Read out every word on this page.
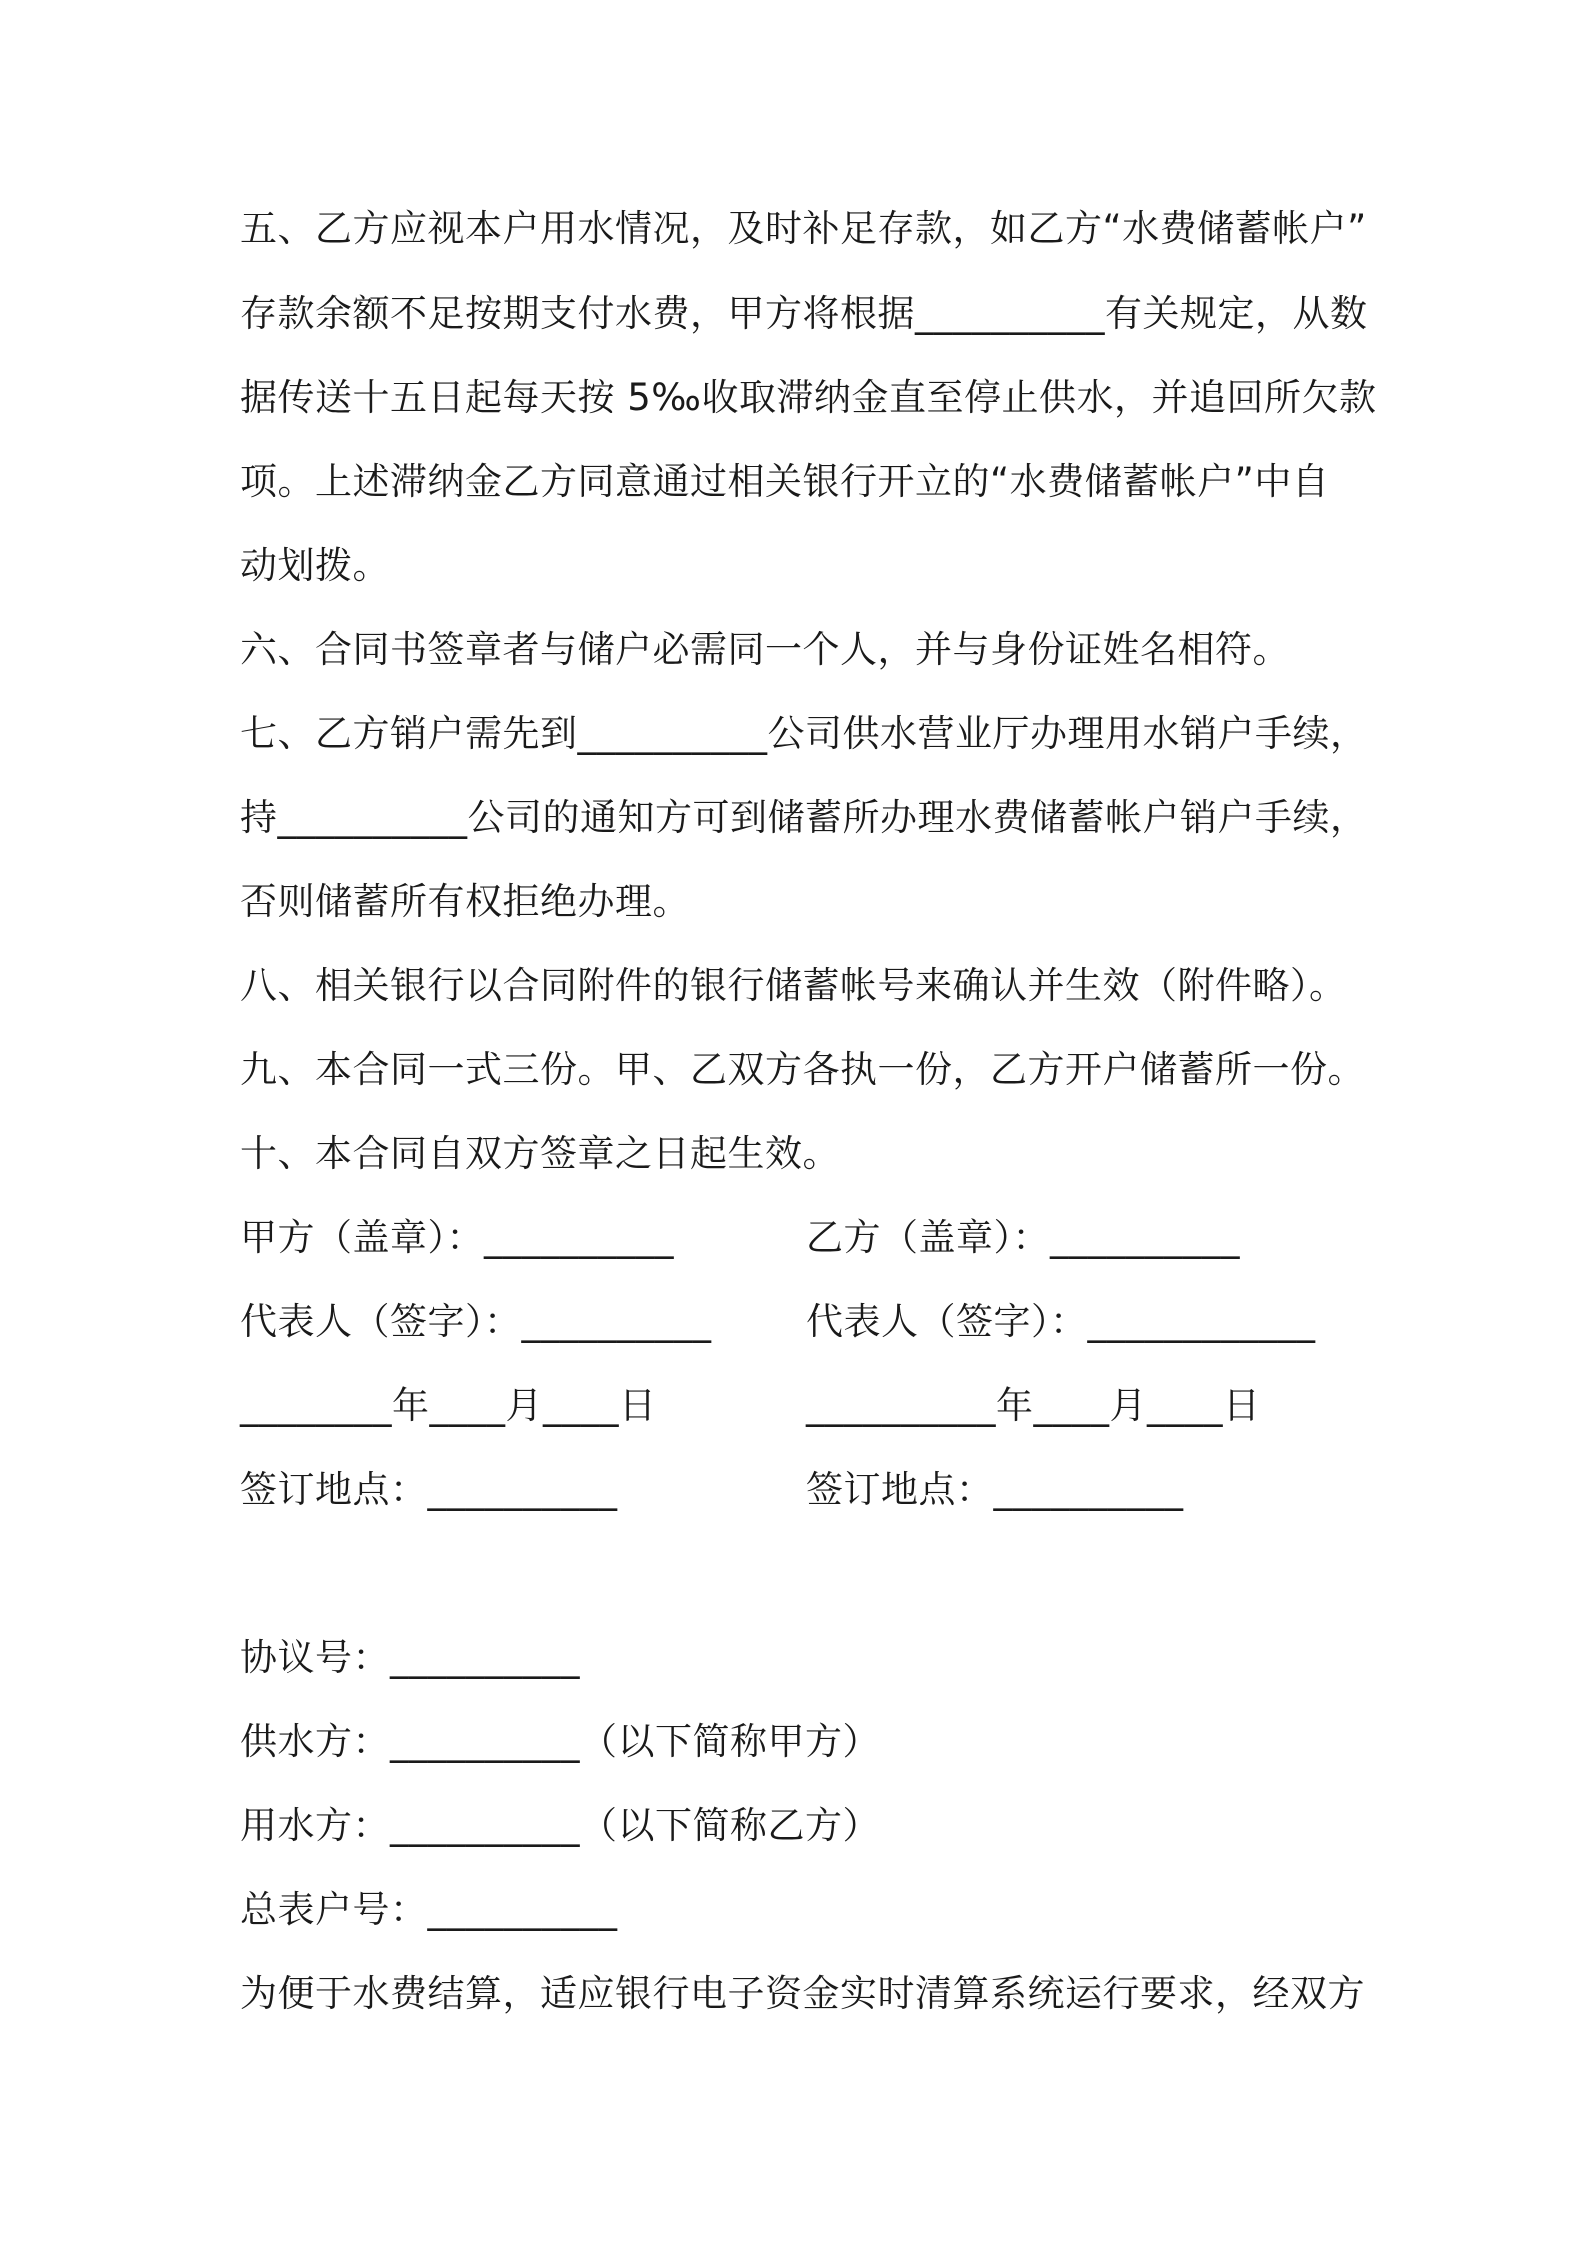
五、乙方应视本户用水情况，及时补足存款，如乙方“水费储蓄帐户”
存款余额不足按期支付水费，甲方将根据__________有关规定，从数
据传送十五日起每天按 5‰收取滞纳金直至停止供水，并追回所欠款
项。上述滞纳金乙方同意通过相关银行开立的“水费储蓄帐户”中自
动划拨。
六、合同书签章者与储户必需同一个人，并与身份证姓名相符。
七、乙方销户需先到__________公司供水营业厅办理用水销户手续，
持__________公司的通知方可到储蓄所办理水费储蓄帐户销户手续，
否则储蓄所有权拒绝办理。
八、相关银行以合同附件的银行储蓄帐号来确认并生效（附件略）。
九、本合同一式三份。甲、乙双方各执一份，乙方开户储蓄所一份。
十、本合同自双方签章之日起生效。
甲方（盖章）：__________	乙方（盖章）：__________
代表人（签字）：__________	代表人（签字）：____________
________年____月____日	__________年____月____日
签订地点：__________	签订地点：__________
协议号：__________
供水方：__________（以下简称甲方）
用水方：__________（以下简称乙方）
总表户号：__________
为便于水费结算，适应银行电子资金实时清算系统运行要求，经双方
